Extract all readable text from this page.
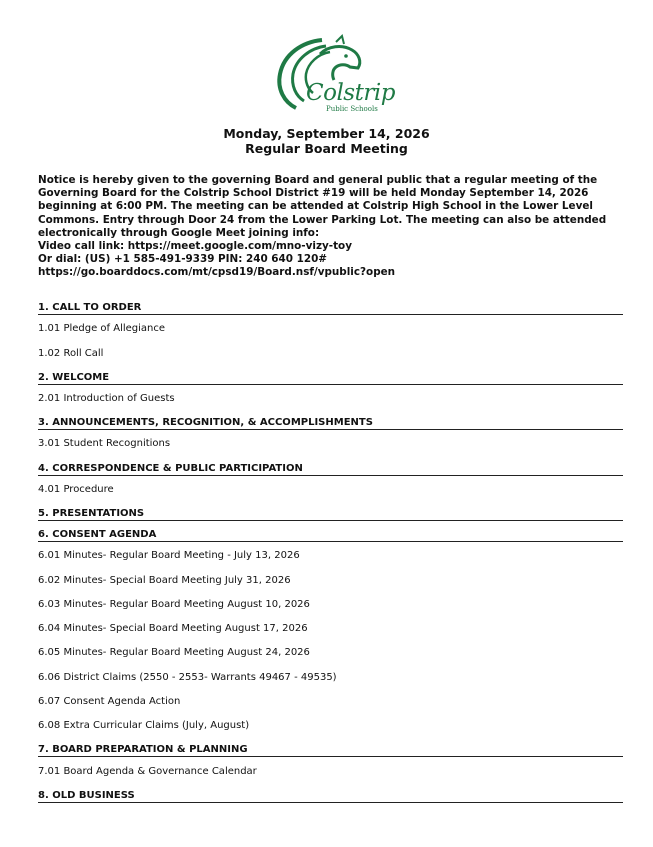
Colstrip
Public Schools
Monday, September 14, 2026
Regular Board Meeting
Notice is hereby given to the governing Board and general public that a regular meeting of the
Governing Board for the Colstrip School District #19 will be held Monday September 14, 2026
beginning at 6:00 PM. The meeting can be attended at Colstrip High School in the Lower Level
Commons. Entry through Door 24 from the Lower Parking Lot. The meeting can also be attended
electronically through Google Meet joining info:
Video call link: https://meet.google.com/mno-vizy-toy
Or dial: (US) +1 585-491-9339 PIN: 240 640 120#
https://go.boarddocs.com/mt/cpsd19/Board.nsf/vpublic?open
1. CALL TO ORDER
1.01 Pledge of Allegiance
1.02 Roll Call
2. WELCOME
2.01 Introduction of Guests
3. ANNOUNCEMENTS, RECOGNITION, & ACCOMPLISHMENTS
3.01 Student Recognitions
4. CORRESPONDENCE & PUBLIC PARTICIPATION
4.01 Procedure
5. PRESENTATIONS
6. CONSENT AGENDA
6.01 Minutes- Regular Board Meeting - July 13, 2026
6.02 Minutes- Special Board Meeting July 31, 2026
6.03 Minutes- Regular Board Meeting August 10, 2026
6.04 Minutes- Special Board Meeting August 17, 2026
6.05 Minutes- Regular Board Meeting August 24, 2026
6.06 District Claims (2550 - 2553- Warrants 49467 - 49535)
6.07 Consent Agenda Action
6.08 Extra Curricular Claims (July, August)
7. BOARD PREPARATION & PLANNING
7.01 Board Agenda & Governance Calendar
8. OLD BUSINESS
